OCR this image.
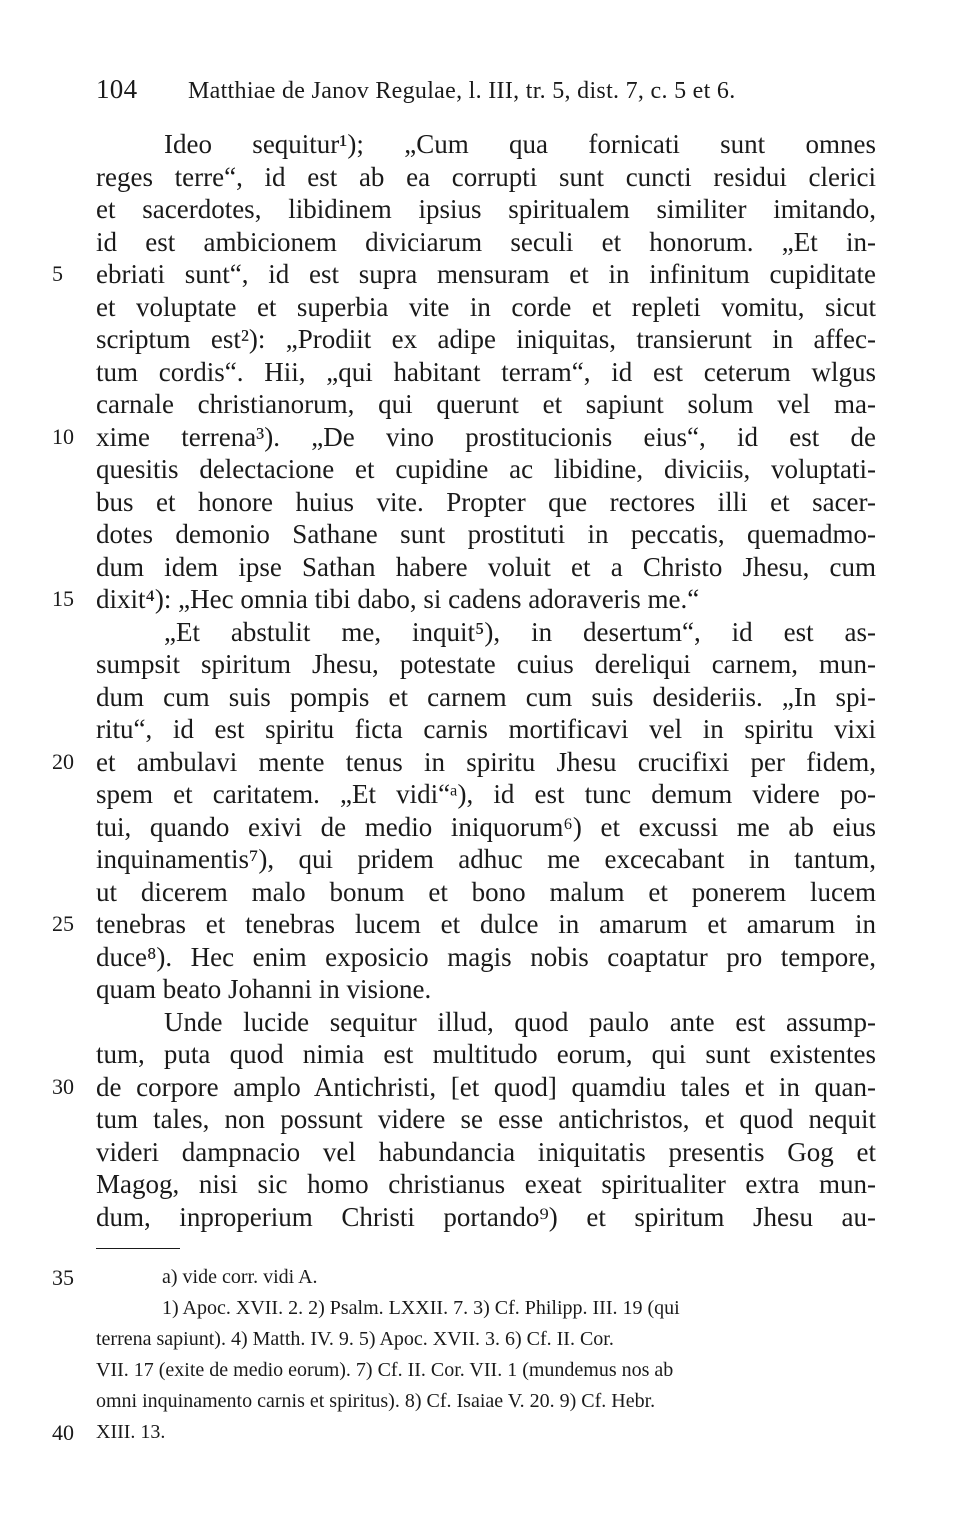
104 Matthiae de Janov Regulae, l. III, tr. 5, dist. 7, c. 5 et 6.
Ideo sequitur¹); „Cum qua fornicati sunt omnes
reges terre“, id est ab ea corrupti sunt cuncti residui clerici
et sacerdotes, libidinem ipsius spiritualem similiter imitando,
id est ambicionem diviciarum seculi et honorum. „Et in-
5	ebriati sunt“, id est supra mensuram et in infinitum cupiditate
et voluptate et superbia vite in corde et repleti vomitu, sicut
scriptum est²): „Prodiit ex adipe iniquitas, transierunt in affec-
tum cordis“. Hii, „qui habitant terram“, id est ceterum wlgus
carnale christianorum, qui querunt et sapiunt solum vel ma-
10 xime terrena³). „De vino prostitucionis eius“, id est de
quesitis delectacione et cupidine ac libidine, diviciis, voluptati-
bus et honore huius vite. Propter que rectores illi et sacer-
dotes demonio Sathane sunt prostituti in peccatis, quemadmo-
dum idem ipse Sathan habere voluit et a Christo Jhesu, cum
15 dixit⁴): „Hec omnia tibi dabo, si cadens adoraveris me.“
„Et abstulit me, inquit⁵), in desertum“, id est as-
sumpsit spiritum Jhesu, potestate cuius dereliqui carnem, mun-
dum cum suis pompis et carnem cum suis desideriis. „In spi-
ritu“, id est spiritu ficta carnis mortificavi vel in spiritu vixi
20 et ambulavi mente tenus in spiritu Jhesu crucifixi per fidem,
spem et caritatem. „Et vidi“ᵃ), id est tunc demum videre po-
tui, quando exivi de medio iniquorum⁶) et excussi me ab eius
inquinamentis⁷), qui pridem adhuc me excecabant in tantum,
ut dicerem malo bonum et bono malum et ponerem lucem
25 tenebras et tenebras lucem et dulce in amarum et amarum in
duce⁸). Hec enim exposicio magis nobis coaptatur pro tempore,
quam beato Johanni in visione.
Unde lucide sequitur illud, quod paulo ante est assump-
tum, puta quod nimia est multitudo eorum, qui sunt existentes
30 de corpore amplo Antichristi, [et quod] quamdiu tales et in quan-
tum tales, non possunt videre se esse antichristos, et quod nequit
videri dampnacio vel habundancia iniquitatis presentis Gog et
Magog, nisi sic homo christianus exeat spiritualiter extra mun-
dum, inproperium Christi portando⁹) et spiritum Jhesu au-
35	a) vide corr. vidi A.
1) Apoc. XVII. 2. 2) Psalm. LXXII. 7. 3) Cf. Philipp. III. 19 (qui
terrena sapiunt). 4) Matth. IV. 9. 5) Apoc. XVII. 3. 6) Cf. II. Cor.
VII. 17 (exite de medio eorum). 7) Cf. II. Cor. VII. 1 (mundemus nos ab
omni inquinamento carnis et spiritus). 8) Cf. Isaiae V. 20. 9) Cf. Hebr.
40	XIII. 13.
